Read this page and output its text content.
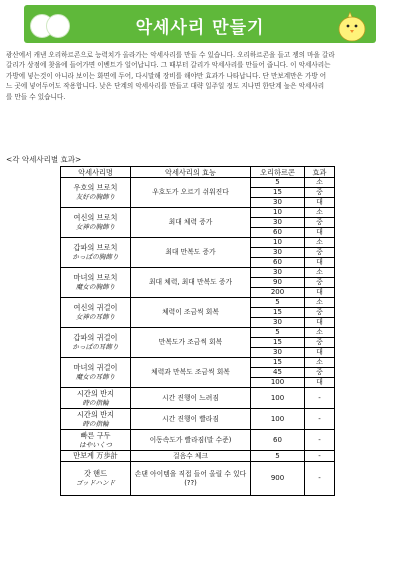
악세사리 만들기
광산에서 캐낸 오리하르콘으로 능력치가 올라가는 악세사리를 만들 수 있습니다. 오리하르콘을 들고 젱의 마을 갈라
갈리가 상점에 찾을에 들어가면 이벤트가 일어납니다. 그 때부터 갈리가 악세사리를 만들어 줍니다. 이 악세사리는
가방에 넣는것이 아니라 보이는 화면에 두어, 다시말해 장비를 해야만 효과가 나타납니다. 단 만보계만은 가방 어
느 곳에 넣어두어도 작용합니다. 낮은 단계의 악세사리를 만들고 대략 일주일 정도 지나면 한단계 높은 악세사리
를 만들 수 있습니다.
<각 악세사리별 효과>
악세사리명	악세사리의 효능	오리하르콘	효과
우호의 브로치
友好の胸飾り	우호도가 오르기 쉬워진다	5	소
		15	중
		30	대
여신의 브로치
女神の胸飾り	최대 체력 증가	10	소
		30	중
		60	대
갑파의 브로치
かっぱの胸飾り	최대 만복도 증가	10	소
		30	중
		60	대
마녀의 브로치
魔女の胸飾り	최대 체력, 최대 만복도 증가	30	소
		90	중
		200	대
여신의 귀걸이
女神の耳飾り	체력이 조금씩 회복	5	소
		15	중
		30	대
갑파의 귀걸이
かっぱの耳飾り	만복도가 조금씩 회복	5	소
		15	중
		30	대
마녀의 귀걸이
魔女の耳飾り	체력과 만복도 조금씩 회복	15	소
		45	중
		100	대
시간의 반지
時の指輪	시간 진행이 느려짐	100	-
시간의 반지
時の指輪	시간 진행이 빨라짐	100	-
빠른 구두
はやいくつ	이동속도가 빨라짐(말 수준)	60	-
만보계 万歩計	걸음수 체크	5	-
갓 핸드
ゴッドハンド	손댄 아이템을 직접 들어 올릴 수 있다(??)	900	-
